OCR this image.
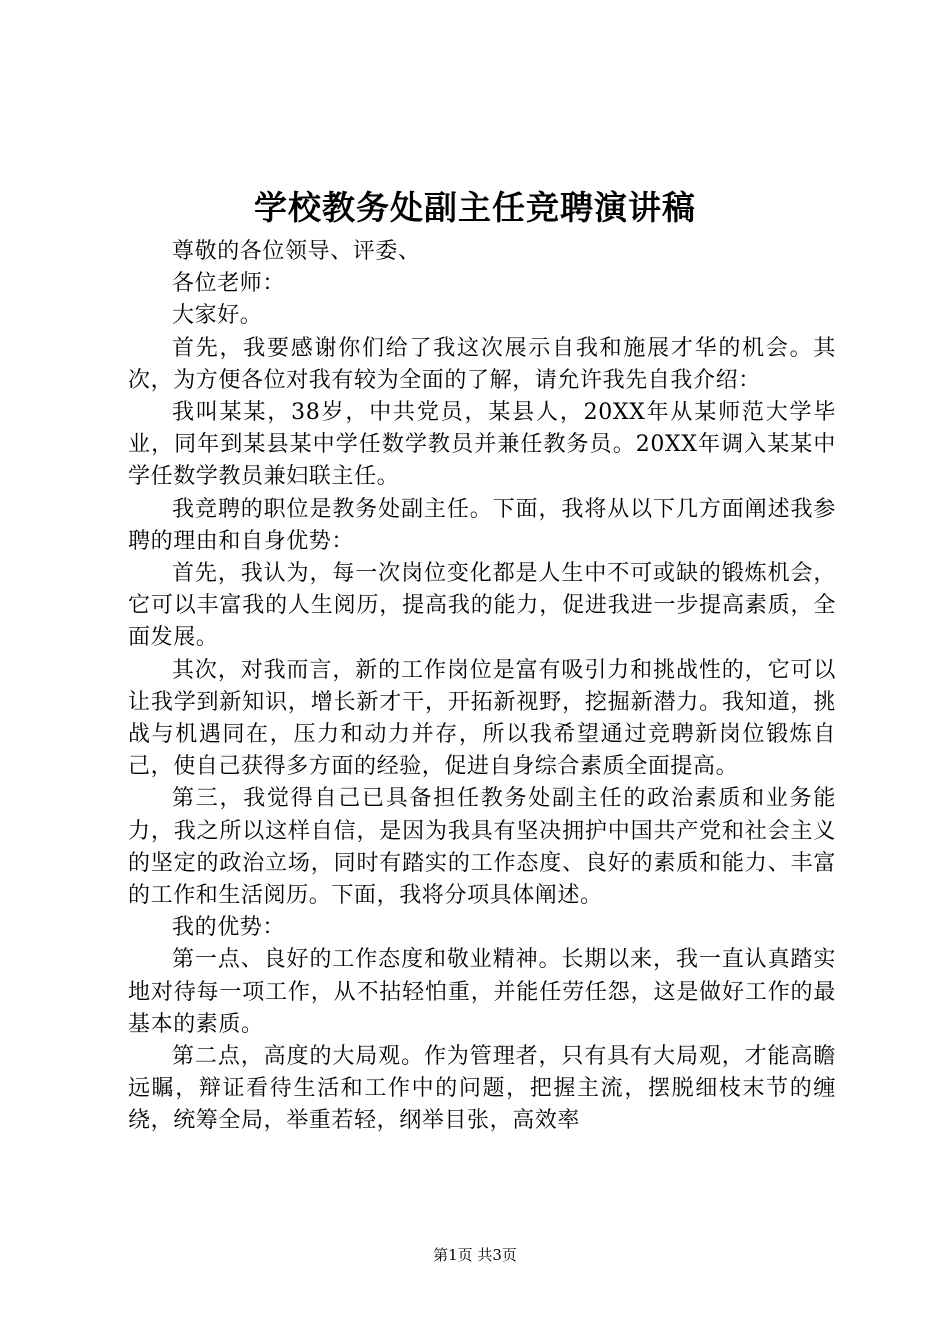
学校教务处副主任竞聘演讲稿

尊敬的各位领导、评委、

各位老师：

大家好。

首先，我要感谢你们给了我这次展示自我和施展才华的机会。其次，为方便各位对我有较为全面的了解，请允许我先自我介绍：

我叫某某，38岁，中共党员，某县人，20XX年从某师范大学毕业，同年到某县某中学任数学教员并兼任教务员。20XX年调入某某中学任数学教员兼妇联主任。

我竞聘的职位是教务处副主任。下面，我将从以下几方面阐述我参聘的理由和自身优势：

首先，我认为，每一次岗位变化都是人生中不可或缺的锻炼机会，它可以丰富我的人生阅历，提高我的能力，促进我进一步提高素质，全面发展。

其次，对我而言，新的工作岗位是富有吸引力和挑战性的，它可以让我学到新知识，增长新才干，开拓新视野，挖掘新潜力。我知道，挑战与机遇同在，压力和动力并存，所以我希望通过竞聘新岗位锻炼自己，使自己获得多方面的经验，促进自身综合素质全面提高。

第三，我觉得自己已具备担任教务处副主任的政治素质和业务能力，我之所以这样自信，是因为我具有坚决拥护中国共产党和社会主义的坚定的政治立场，同时有踏实的工作态度、良好的素质和能力、丰富的工作和生活阅历。下面，我将分项具体阐述。

我的优势：

第一点、良好的工作态度和敬业精神。长期以来，我一直认真踏实地对待每一项工作，从不拈轻怕重，并能任劳任怨，这是做好工作的最基本的素质。

第二点，高度的大局观。作为管理者，只有具有大局观，才能高瞻远瞩，辩证看待生活和工作中的问题，把握主流，摆脱细枝末节的缠绕，统筹全局，举重若轻，纲举目张，高效率

第1页 共3页
